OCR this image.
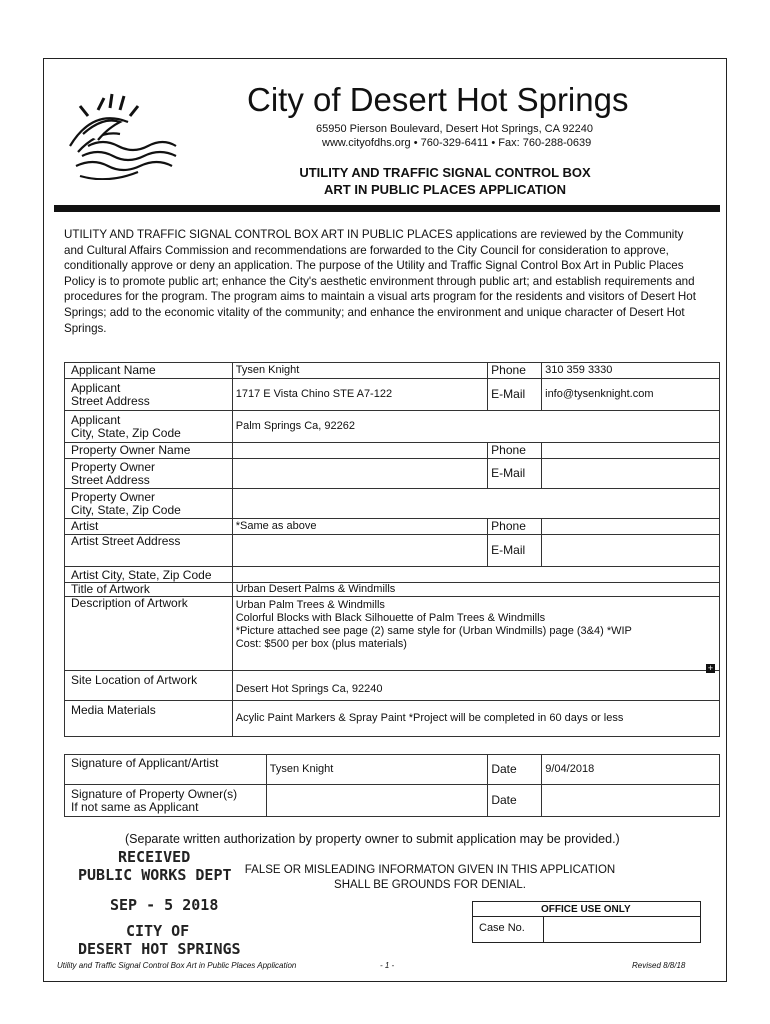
City of Desert Hot Springs
65950 Pierson Boulevard, Desert Hot Springs, CA 92240
www.cityofdhs.org • 760-329-6411 • Fax: 760-288-0639
UTILITY AND TRAFFIC SIGNAL CONTROL BOX
ART IN PUBLIC PLACES APPLICATION
UTILITY AND TRAFFIC SIGNAL CONTROL BOX ART IN PUBLIC PLACES applications are reviewed by the Community and Cultural Affairs Commission and recommendations are forwarded to the City Council for consideration to approve, conditionally approve or deny an application. The purpose of the Utility and Traffic Signal Control Box Art in Public Places Policy is to promote public art; enhance the City's aesthetic environment through public art; and establish requirements and procedures for the program. The program aims to maintain a visual arts program for the residents and visitors of Desert Hot Springs; add to the economic vitality of the community; and enhance the environment and unique character of Desert Hot Springs.
Applicant Name	Tysen Knight	Phone	310 359 3330

Applicant
Street Address	1717 E Vista Chino STE A7-122	E-Mail	info@tysenknight.com

Applicant
City, State, Zip Code	Palm Springs Ca, 92262		
Property Owner Name		Phone	

Property Owner
Street Address		E-Mail	

Property Owner
City, State, Zip Code			

Artist	*Same as above	Phone	
Artist Street Address		E-Mail	
Artist City, State, Zip Code			
Title of Artwork	Urban Desert Palms & Windmills		
Description of Artwork	Urban Palm Trees & Windmills
Colorful Blocks with Black Silhouette of Palm Trees & Windmills
*Picture attached see page (2) same style for (Urban Windmills) page (3&4) *WIP
Cost: $500 per box (plus materials)		

Site Location of Artwork	Desert Hot Springs Ca, 92240		
Media Materials	Acylic Paint Markers & Spray Paint *Project will be completed in 60 days or less		
+
Signature of Applicant/Artist	Tysen Knight	Date	9/04/2018

Signature of Property Owner(s)
If not same as Applicant		Date	
(Separate written authorization by property owner to submit application may be provided.)
FALSE OR MISLEADING INFORMATON GIVEN IN THIS APPLICATION
SHALL BE GROUNDS FOR DENIAL.
RECEIVED
PUBLIC WORKS DEPT
SEP - 5 2018
CITY OF
DESERT HOT SPRINGS
OFFICE USE ONLY
Case No.
Utility and Traffic Signal Control Box Art in Public Places Application	- 1 -	Revised 8/8/18
